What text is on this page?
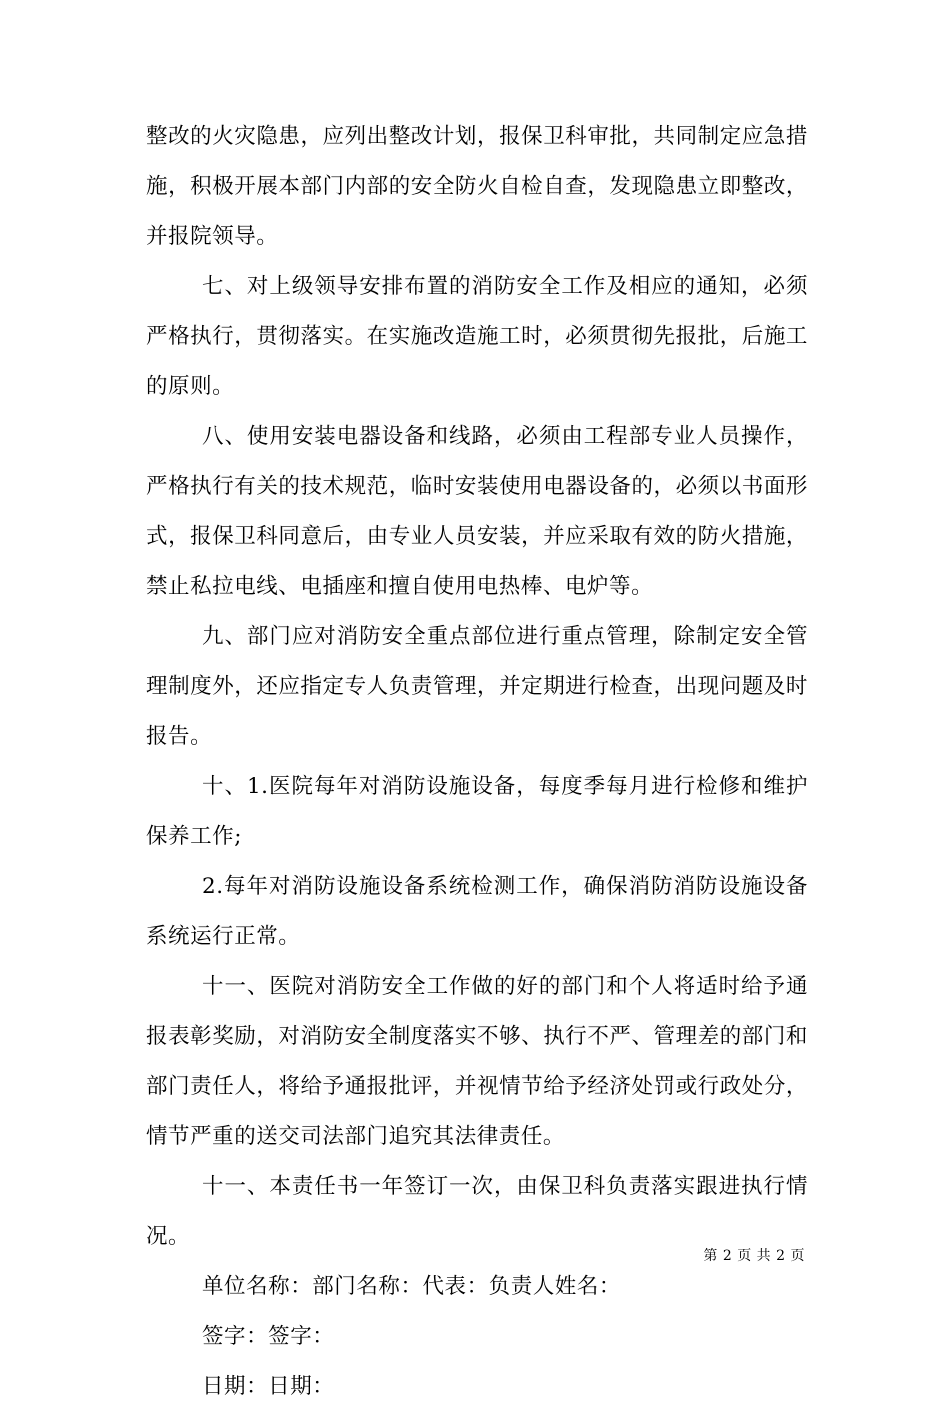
整改的火灾隐患，应列出整改计划，报保卫科审批，共同制定应急措施，积极开展本部门内部的安全防火自检自查，发现隐患立即整改，并报院领导。

七、对上级领导安排布置的消防安全工作及相应的通知，必须严格执行，贯彻落实。在实施改造施工时，必须贯彻先报批，后施工的原则。

八、使用安装电器设备和线路，必须由工程部专业人员操作，严格执行有关的技术规范，临时安装使用电器设备的，必须以书面形式，报保卫科同意后，由专业人员安装，并应采取有效的防火措施，禁止私拉电线、电插座和擅自使用电热棒、电炉等。

九、部门应对消防安全重点部位进行重点管理，除制定安全管理制度外，还应指定专人负责管理，并定期进行检查，出现问题及时报告。

十、1.医院每年对消防设施设备，每度季每月进行检修和维护保养工作;

2.每年对消防设施设备系统检测工作，确保消防消防设施设备系统运行正常。

十一、医院对消防安全工作做的好的部门和个人将适时给予通报表彰奖励，对消防安全制度落实不够、执行不严、管理差的部门和部门责任人，将给予通报批评，并视情节给予经济处罚或行政处分，情节严重的送交司法部门追究其法律责任。

十一、本责任书一年签订一次，由保卫科负责落实跟进执行情况。

单位名称：部门名称：代表：负责人姓名：

签字：签字：

日期：日期：

第 2 页 共 2 页
